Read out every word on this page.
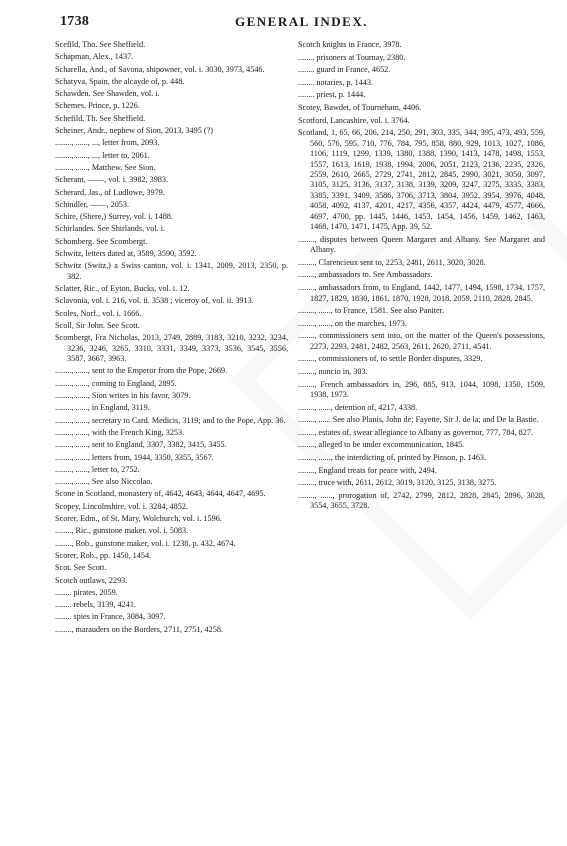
1738	GENERAL INDEX.
Scefild, Tho. See Sheffield.
Schapman, Alex., 1437.
Scharella, And., of Savona, shipowner, vol. i. 3030, 3973, 4546.
Schatyva, Spain, the alcayde of, p. 448.
Schawden. See Shawden, vol. i.
Schemes, Prince, p. 1226.
Schefild, Th. See Sheffield.
Scheiner, Andr., nephew of Sion, 2013, 3495 (?)
........, ......, ..., letter from, 2093.
........, ......, ..., letter to, 2061.
........, ......, Matthew. See Sion.
Scherant, ——, vol. i. 3982, 3983.
Scherard, Jas., of Ludlowe, 3979.
Schindler, ——, 2053.
Schire, (Shere,) Surrey, vol. i. 1488.
Schirlandes. See Shirlands, vol. i.
Schomberg. See Scombergt.
Schwitz, letters dated at, 3589, 3590, 3592.
Schwitz (Switz,) a Swiss canton, vol. i. 1341, 2009, 2013, 2350, p. 382.
Sclatter, Ric., of Eyton, Bucks, vol. i. 12.
Sclavonia, vol. i. 216, vol. ii. 3538 ; viceroy of, vol. ii. 3913.
Scoles, Norf., vol. i. 1666.
Scoll, Sir John. See Scott.
Scombergt, Fra Nicholas, 2013, 2749, 2889, 3183, 3210, 3232, 3234, 3236, 3246, 3265, 3310, 3331, 3349, 3373, 3536, 3545, 3556, 3587, 3667, 3963.
........, ......, sent to the Emperor from the Pope, 2669.
........, ......, coming to England, 2895.
........, ......, Sion writes in his favor, 3079.
........, ......, in England, 3119.
........, ......, secretary to Card. Medicis, 3119; and to the Pope, App. 36.
........, ......, with the French King, 3253.
........, ......, sent to England, 3307, 3382, 3415, 3455.
........, ......, letters from, 1944, 3350, 3355, 3567.
........, ......, letter to, 2752.
........, ......, See also Niccolao.
Scone in Scotland, monastery of, 4642, 4643, 4644, 4647, 4695.
Scopey, Lincolnshire, vol. i. 3284, 4852.
Scorer, Edm., of St. Mary, Wolchurch, vol. i. 1596.
........, Ric., gunstone maker, vol. i. 5083.
........, Rob., gunstone maker, vol. i. 1238, p. 432, 4674.
Scorer, Rob., pp. 1450, 1454.
Scot. See Scott.
Scotch outlaws, 2293.
........ pirates, 2059.
........ rebels, 3139, 4241.
........ spies in France, 3084, 3097.
........, marauders on the Borders, 2711, 2751, 4258.
Scotch knights in France, 3978.
........ prisoners at Tournay, 2380.
........ guard in France, 4652.
........ notaries, p. 1443.
........ priest, p. 1444.
Scotey, Bawdet, of Tourneham, 4406.
Scotford, Lancashire, vol. i. 3764.
Scotland, 1, 65, 66, 206, 214, 250, 291, 303, 335, 344, 395, 473, 493, 559, 560, 576, 595, 710, 776, 784, 795, 858, 880, 929, 1013, 1027, 1086, 1106, 1119, 1299, 1339, 1380, 1388, 1390, 1413, 1478, 1498, 1553, 1557, 1613, 1619, 1938, 1994, 2006, 2051, 2123, 2136, 2235, 2326, 2559, 2610, 2665, 2729, 2741, 2812, 2845, 2990, 3021, 3050, 3097, 3105, 3125, 3136, 3137, 3138, 3139, 3209, 3247, 3275, 3335, 3383, 3385, 3391, 3409, 3586, 3706, 3713, 3804, 3952, 3954, 3976, 4048, 4058, 4092, 4137, 4201, 4217, 4356, 4357, 4424, 4479, 4577, 4666, 4697, 4700, pp. 1445, 1446, 1453, 1454, 1456, 1459, 1462, 1463, 1468, 1470, 1471, 1475, App. 39, 52.
........, disputes between Queen Margaret and Albany. See Margaret and Albany.
........, Clarencieux sent to, 2253, 2481, 2611, 3020, 3028.
........, ambassadors to. See Ambassadors.
........, ambassadors from, to England, 1442, 1477, 1494, 1598, 1734, 1757, 1827, 1829, 1830, 1861, 1870, 1928, 2018, 2059, 2110, 2828, 2845.
........, ......, to France, 1581. See also Paniter.
........, ......, on the marches, 1973.
........, commissioners sent into, on the matter of the Queen's possessions, 2273, 2293, 2481, 2482, 2563, 2611, 2620, 2711, 4541.
........, commissioners of, to settle Border disputes, 3329.
........, nuncio in, 303.
........, French ambassadors in, 296, 885, 913, 1044, 1098, 1350, 1509, 1938, 1973.
........, ......, detention of, 4217, 4338.
........, ...... See also Planis, John de; Fayette, Sir J. de la; and De la Bastie.
........, estates of, swear allegiance to Albany as governor, 777, 784, 827.
........, alleged to be under excommunication, 1845.
........, ......, the interdicting of, printed by Pinson, p. 1463.
........, England treats for peace with, 2494.
........, truce with, 2611, 2612, 3019, 3120, 3125, 3138, 3275.
........, ......, prorogation of, 2742, 2799, 2812, 2828, 2845, 2896, 3028, 3554, 3655, 3728.
